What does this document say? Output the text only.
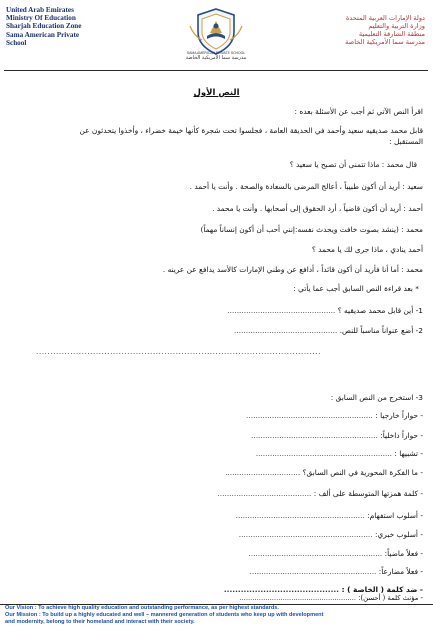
United Arab Emirates
Ministry Of Education
Sharjah Education Zone
Sama American Private
School
SAMA AMERICAN PRIVATE SCHOOL
مدرسة سما الأمريكية الخاصة
دولة الإمارات العربية المتحدة
وزارة التربية والتعليم
منطقة الشارقة التعليمية
مدرسة سما الأمريكية الخاصة
النص الأول
اقرأ النص الآتي ثم أجب عن الأسئلة بعده :
قابل محمد صديقيه سعيد وأحمد في الحديقة العامة ، فجلسوا تحت شجرة كأنها خيمة خضراء ، وأخذوا يتحدثون عن
المستقبل :
قال محمد : ماذا تتمنى أن تصبح يا سعيد ؟
سعيد : أريد أن أكون طبيباً ، أعالج المرضى بالسعادة والصحة . وأنت يا أحمد .
أحمد : أريد أن أكون قاضياً ، أرد الحقوق إلى أصحابها . وأنت يا محمد .
محمد : (ينشد بصوت خافت ويحدث نفسه:إنني أحب أن أكون إنساناً مهماً)
أحمد ينادي ، ماذا جرى لك يا محمد ؟
محمد : أما أنا فأريد أن أكون قائداً ، أدافع عن وطني الإمارات كالأسد يدافع عن عرينه .
* بعد قراءة النص السابق أجب عما يأتي :
1- أين قابل محمد صديقيه ؟ ..............................................
2- أضع عنواناً مناسباً للنص. ............................................
....................................................................................................
3- استخرج من النص السابق :
- حواراً خارجيا : ......................................................
- حواراً داخلياً: ......................................................
- تشبيها : ..........................................................
- ما الفكرة المحورية في النص السابق؟ ................................
- كلمة همزتها المتوسطة على ألف : ........................................
- أسلوب استفهام: .......................................................
- أسلوب خبري: .........................................................
- فعلاً ماضياً: .........................................................
- فعلاً مضارعاً: ......................................................
- ضد كلمة ( الخاصة ) : .........................................
- مؤنث كلمة ( أحسن): ......................................................
Our Vision : To achieve high quality education and outstanding performance, as per highest standards.
Our Mission : To build up a highly educated and well – mannered generation of students who keep up with development
and modernity, belong to their homeland and interact with their society.
